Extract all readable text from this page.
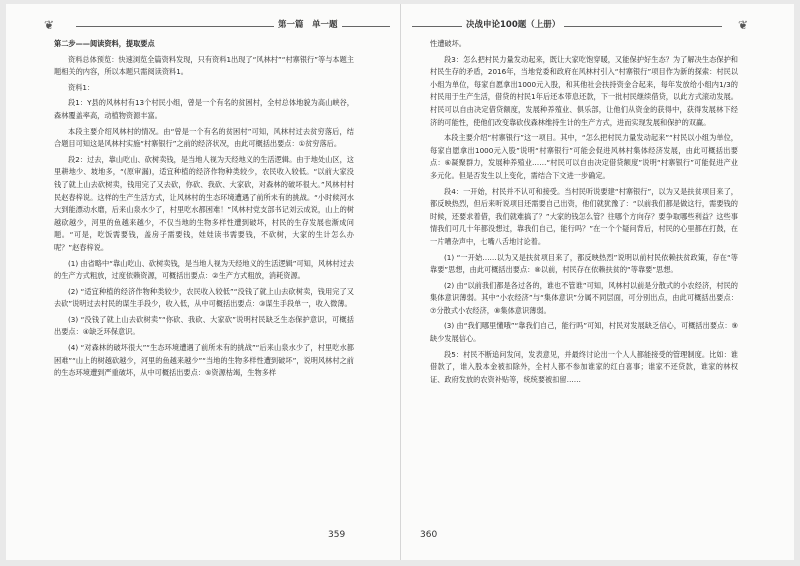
❦	第一篇　单一题	决战申论100题（上册）	❦

第二步——阅读资料，提取要点

资料总体预览：快速浏览全篇资料发现，只有资料1出现了“风林村”“村寨银行”等与本题主题相关的内容，所以本题只需阅读资料1。

资料1：

段1：Y县的风林村有13个村民小组，曾是一个有名的贫困村，全村总体地貌为高山峡谷，森林覆盖率高，动植物资源丰富。

本段主要介绍风林村的情况。由“曾是一个有名的贫困村”可知，风林村过去贫穷落后，结合题目可知这是风林村实施“村寨银行”之前的经济状况，由此可概括出要点：①贫穷落后。

段2：过去，靠山吃山、砍树卖钱，是当地人视为天经地义的生活逻辑。由于地处山区，这里耕地少、坡地多，“(原审漏)，适宜种植的经济作物种类较少，农民收入较低。“以前大家没钱了就上山去砍树卖，钱用完了又去砍，你砍、我砍、大家砍，对森林的破坏很大。”风林村村民赵春梓说。这样的生产生活方式，让风林村的生态环境遭遇了前所未有的挑战。“小时候河水大到能漂动水磨，后来山泉水少了，村里吃水都困难！”风林村党支部书记刘云成说，山上的树越砍越少，河里的鱼越来越少，不仅当地的生物多样性遭到破坏，村民的生存发展也渐成问题。“可是，吃饭需要钱，盖房子需要钱，娃娃读书需要钱，不砍树，大家的生计怎么办呢？”赵春梓说。

(1) 由省略中“靠山吃山、砍树卖钱，是当地人视为天经地义的生活逻辑”可知，风林村过去的生产方式粗放，过度依赖资源，可概括出要点：②生产方式粗放，消耗资源。

(2) “适宜种植的经济作物种类较少，农民收入较低”“没钱了就上山去砍树卖，钱用完了又去砍”说明过去村民的谋生手段少，收入低，从中可概括出要点：③谋生手段单一，收入微薄。

(3) “没钱了就上山去砍树卖”“你砍、我砍、大家砍”说明村民缺乏生态保护意识，可概括出要点：④缺乏环保意识。

(4) “对森林的破坏很大”“生态环境遭遇了前所未有的挑战”“后来山泉水少了，村里吃水都困难”“山上的树越砍越少，河里的鱼越来越少”“当地的生物多样性遭到破坏”，说明风林村之前的生态环境遭到严重破坏，从中可概括出要点：⑤资源枯竭，生物多样

性遭破坏。

段3：怎么把村民力量发动起来，既让大家吃饱穿暖，又能保护好生态？为了解决生态保护和村民生存的矛盾，2016年，当地党委和政府在风林村引入“村寨银行”项目作为新的探索：村民以小组为单位，每家自愿拿出1000元入股，和其他社会扶持资金合起来，每年发放给小组内1/3的村民用于生产生活，借贷的村民1年后还本带息还款，下一批村民继续借贷，以此方式滚动发展。村民可以自由决定借贷额度，发展种养殖业、俱乐部，让他们从资金的获得中，获得发展林下经济的可能性，使他们改变靠砍伐森林维持生计的生产方式，进而实现发展和保护的双赢。

本段主要介绍“村寨银行”这一项目。其中，“怎么把村民力量发动起来”“村民以小组为单位，每家自愿拿出1000元入股”说明“村寨银行”可能会促进风林村集体经济发展，由此可概括出要点：⑥凝聚群力，发展种养殖业……“村民可以自由决定借贷额度”说明“村寨银行”可能促进产业多元化。但是否发生以上变化，需结合下文进一步确定。

段4：一开始，村民并不认可和接受。当村民听说要建“村寨银行”，以为又是扶贫项目来了，都反映热烈，但后来听说项目还需要自己出资，他们就犹豫了：“以前我们都是做这行，需要钱的时候，还要求着借，我们就难搞了？”大家的钱怎么管？往哪个方向存？要争取哪些利益？这些事情我们可几十年都没想过，靠我们自己，能行吗？”在一个个疑问背后，村民的心里都在打鼓，在一片嘈杂声中，七嘴八舌地讨论着。

(1) “一开始……以为又是扶贫项目来了，都反映热烈”说明以前村民依赖扶贫政策，存在“等靠要”思想，由此可概括出要点：⑧以前，村民存在依赖扶贫的“等靠要”思想。

(2) 由“以前我们都是各过各的，谁也不管谁”可知，风林村以前是分散式的小农经济，村民的集体意识薄弱。其中“小农经济”与“集体意识”分属不同层面，可分别出点，由此可概括出要点：⑦分散式小农经济，⑧集体意识薄弱。

(3) 由“我们哪里懂哦”“靠我们自己，能行吗”可知，村民对发展缺乏信心，可概括出要点：⑨缺少发展信心。

段5：村民不断追问发问，发表意见，并最终讨论出一个人人都能接受的管理制度。比如：谁借款了，谁入股本金被扣除外，全村人都不参加谁家的红白喜事；谁家不还贷款，谁家的林权证、政府发放的农资补贴等，统统要被扣留……

359	360
